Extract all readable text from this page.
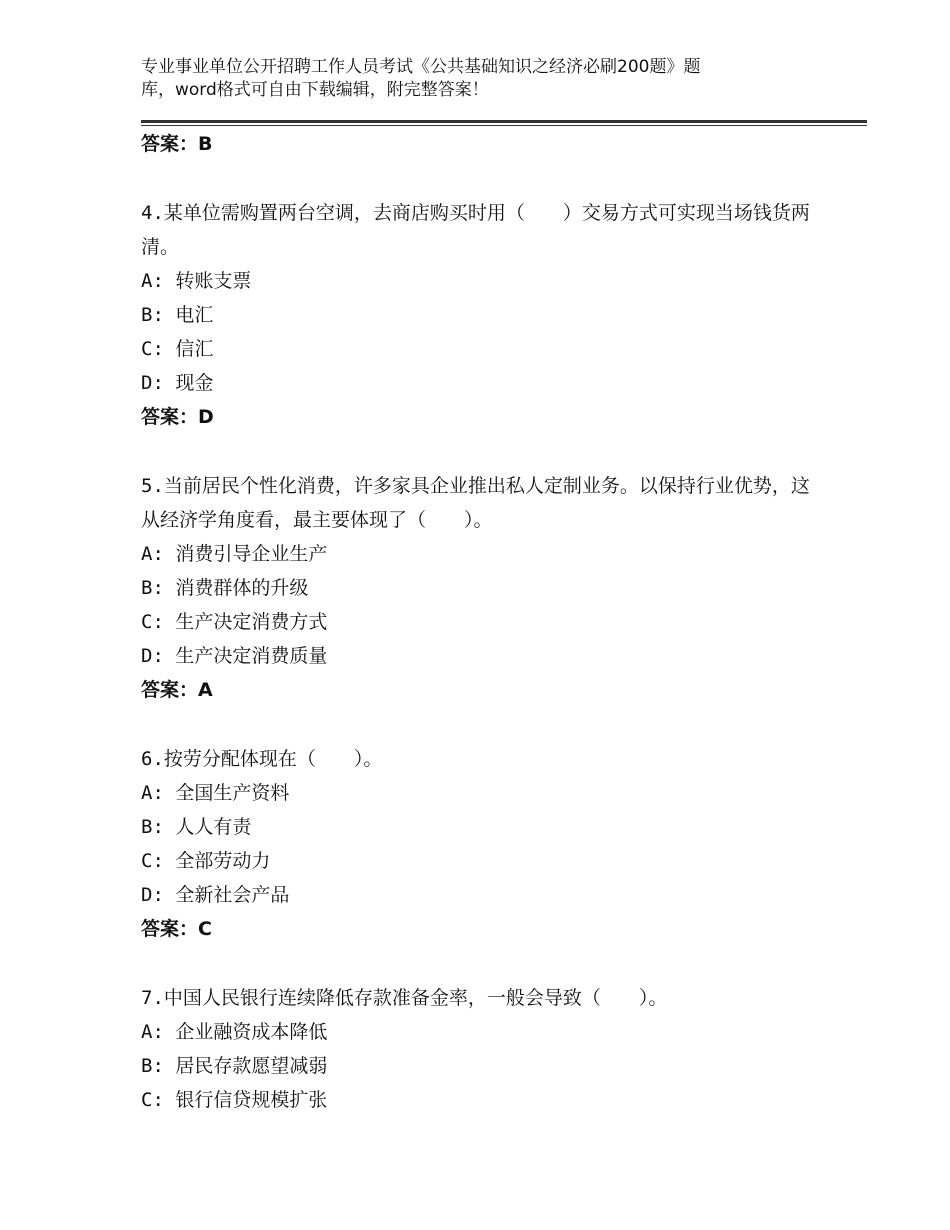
专业事业单位公开招聘工作人员考试《公共基础知识之经济必刷200题》题
库，word格式可自由下载编辑，附完整答案！
答案：B
4.某单位需购置两台空调，去商店购买时用（　　）交易方式可实现当场钱货两清。
A: 转账支票
B: 电汇
C: 信汇
D: 现金
答案：D
5.当前居民个性化消费，许多家具企业推出私人定制业务。以保持行业优势，这从经济学角度看，最主要体现了（　　）。
A: 消费引导企业生产
B: 消费群体的升级
C: 生产决定消费方式
D: 生产决定消费质量
答案：A
6.按劳分配体现在（　　）。
A: 全国生产资料
B: 人人有责
C: 全部劳动力
D: 全新社会产品
答案：C
7.中国人民银行连续降低存款准备金率，一般会导致（　　）。
A: 企业融资成本降低
B: 居民存款愿望减弱
C: 银行信贷规模扩张
